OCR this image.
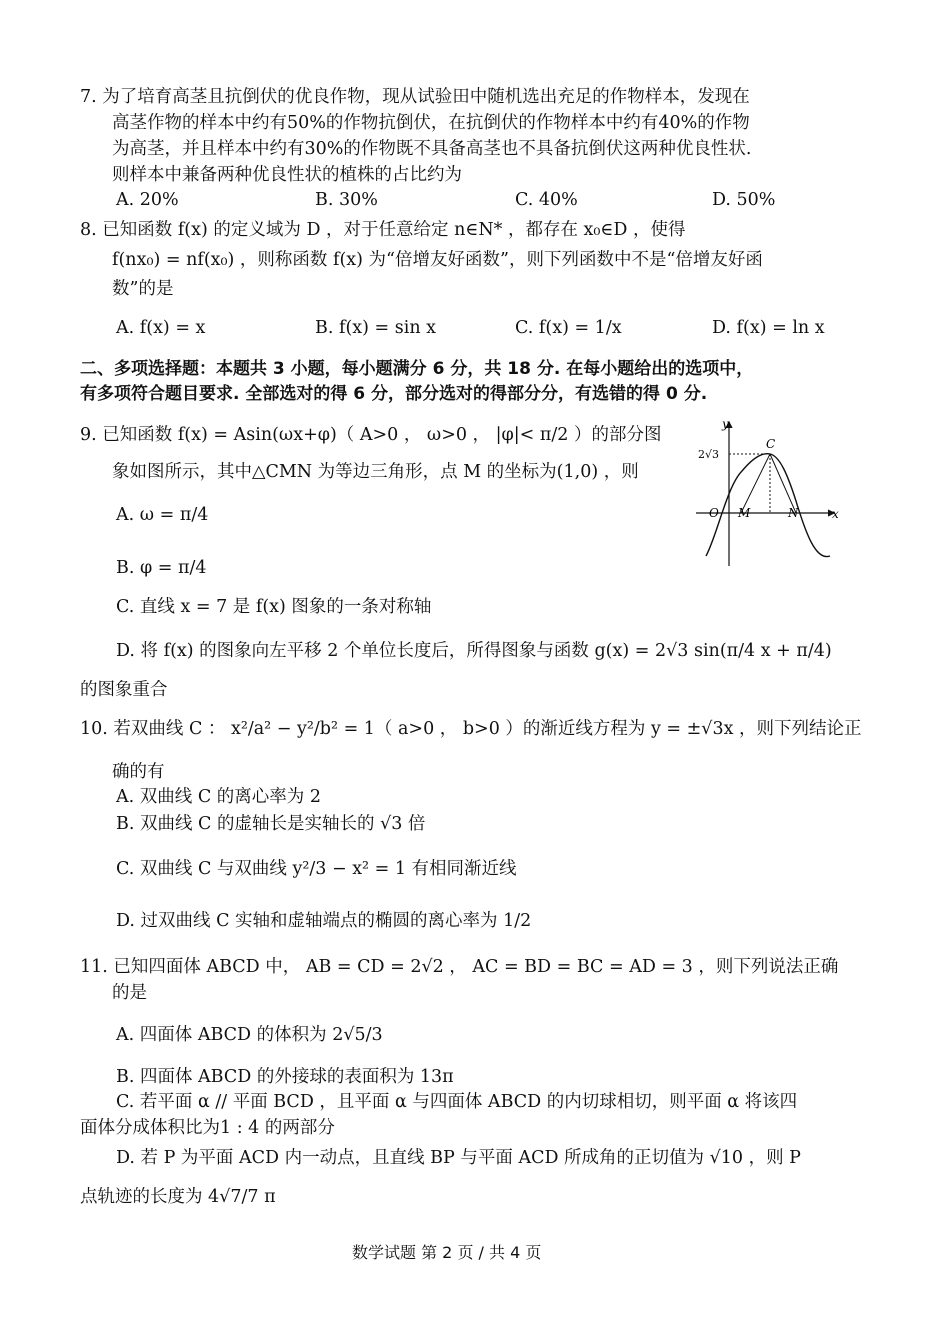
7. 为了培育高茎且抗倒伏的优良作物，现从试验田中随机选出充足的作物样本，发现在
高茎作物的样本中约有50%的作物抗倒伏，在抗倒伏的作物样本中约有40%的作物
为高茎，并且样本中约有30%的作物既不具备高茎也不具备抗倒伏这两种优良性状.
则样本中兼备两种优良性状的植株的占比约为
A. 20%	B. 30%	C. 40%	D. 50%
8. 已知函数 f(x) 的定义域为 D ，对于任意给定 n∈N* ，都存在 x₀∈D ，使得
f(nx₀) = nf(x₀) ，则称函数 f(x) 为“倍增友好函数”，则下列函数中不是“倍增友好函
数”的是
A. f(x) = x	B. f(x) = sin x	C. f(x) = 1/x	D. f(x) = ln x
二、多项选择题：本题共 3 小题，每小题满分 6 分，共 18 分. 在每小题给出的选项中，
有多项符合题目要求. 全部选对的得 6 分，部分选对的得部分分，有选错的得 0 分.
9. 已知函数 f(x) = Asin(ωx+φ)（ A>0 ， ω>0 ， |φ|< π/2 ）的部分图
象如图所示，其中△CMN 为等边三角形，点 M 的坐标为(1,0) ，则
A. ω = π/4
B. φ = π/4
C. 直线 x = 7 是 f(x) 图象的一条对称轴
D. 将 f(x) 的图象向左平移 2 个单位长度后，所得图象与函数 g(x) = 2√3 sin(π/4 x + π/4)
的图象重合
y
x
2√3
C
O M	N
10. 若双曲线 C ： x²/a² − y²/b² = 1（ a>0 ， b>0 ）的渐近线方程为 y = ±√3x ，则下列结论正
确的有
A. 双曲线 C 的离心率为 2
B. 双曲线 C 的虚轴长是实轴长的 √3 倍
C. 双曲线 C 与双曲线 y²/3 − x² = 1 有相同渐近线
D. 过双曲线 C 实轴和虚轴端点的椭圆的离心率为 1/2
11. 已知四面体 ABCD 中， AB = CD = 2√2 ， AC = BD = BC = AD = 3 ，则下列说法正确
的是
A. 四面体 ABCD 的体积为 2√5/3
B. 四面体 ABCD 的外接球的表面积为 13π
C. 若平面 α // 平面 BCD ，且平面 α 与四面体 ABCD 的内切球相切，则平面 α 将该四
面体分成体积比为1 : 4 的两部分
D. 若 P 为平面 ACD 内一动点，且直线 BP 与平面 ACD 所成角的正切值为 √10 ，则 P
点轨迹的长度为 4√7/7 π
数学试题 第 2 页 / 共 4 页
